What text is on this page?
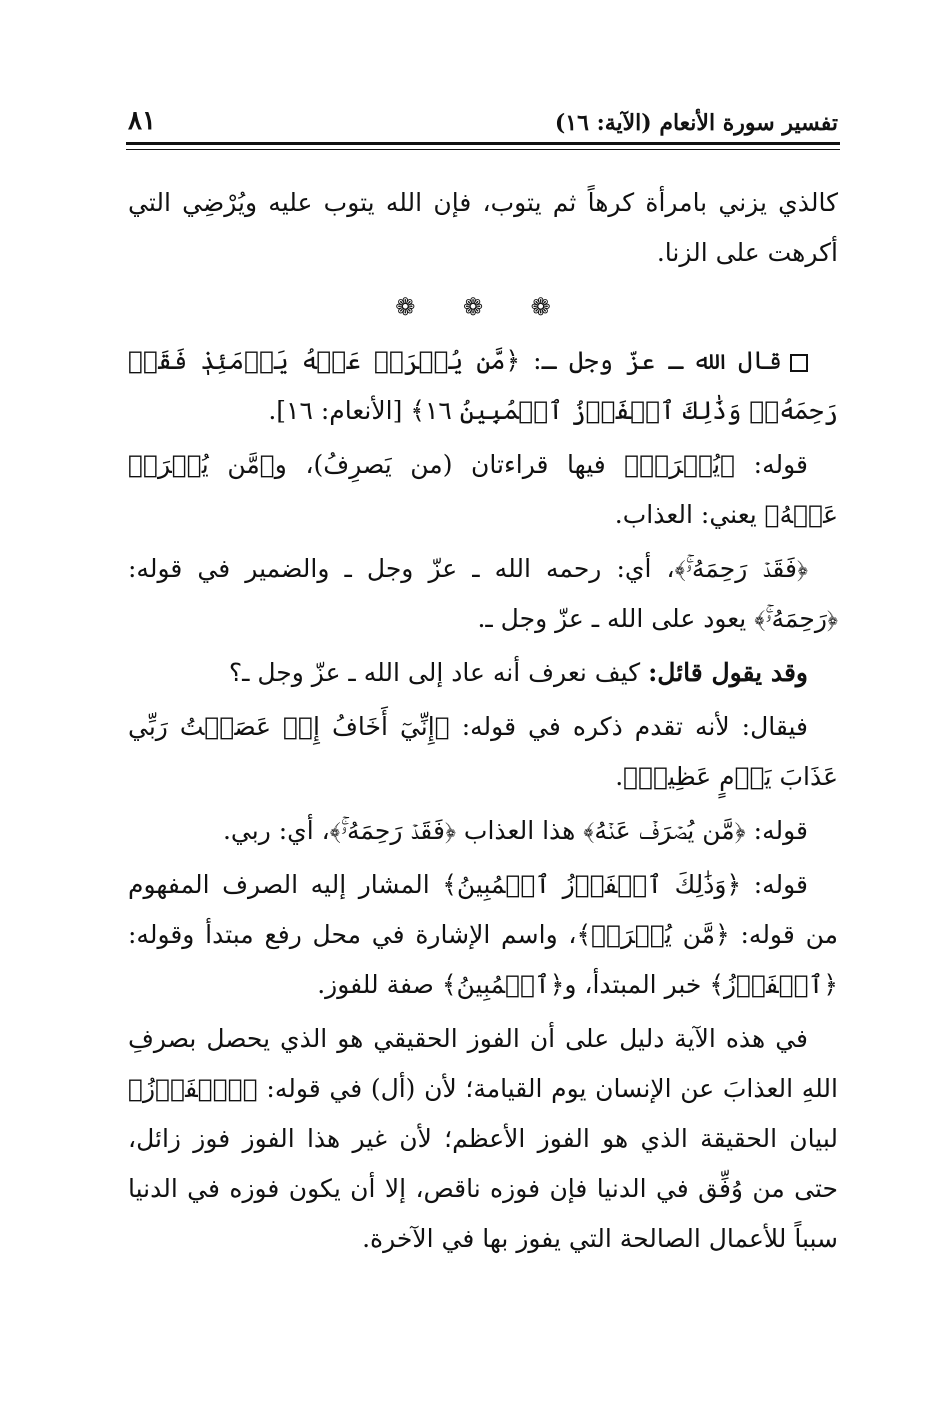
تفسير سورة الأنعام (الآية: ١٦)
٨١

كالذي يزني بامرأة كرهاً ثم يتوب، فإن الله يتوب عليه ويُرْضِي التي أكرهت على الزنا.

❁ ❁ ❁

قال الله ـ عزّ وجل ـ: ﴿مَّن يُصۡرَفۡ عَنۡهُ يَوۡمَئِذٖ فَقَدۡ رَحِمَهُۥۚ وَذَٰلِكَ ٱلۡفَوۡزُ ٱلۡمُبِينُ ١٦﴾ [الأنعام: ١٦].

قوله: ﴿يُصۡرَفۡ﴾ فيها قراءتان (من يَصرِفُ)، و﴿مَّن يُصۡرَفۡ عَنۡهُ﴾ يعني: العذاب.

﴿فَقَدۡ رَحِمَهُۥۚ﴾، أي: رحمه الله ـ عزّ وجل ـ والضمير في قوله: ﴿رَحِمَهُۥۚ﴾ يعود على الله ـ عزّ وجل ـ.

وقد يقول قائل: كيف نعرف أنه عاد إلى الله ـ عزّ وجل ـ؟

فيقال: لأنه تقدم ذكره في قوله: ﴿إِنِّيٓ أَخَافُ إِنۡ عَصَيۡتُ رَبِّي عَذَابَ يَوۡمٍ عَظِيمٖ﴾.

قوله: ﴿مَّن يُصۡرَفۡ عَنۡهُ﴾ هذا العذاب ﴿فَقَدۡ رَحِمَهُۥۚ﴾، أي: ربي.

قوله: ﴿وَذَٰلِكَ ٱلۡفَوۡزُ ٱلۡمُبِينُ﴾ المشار إليه الصرف المفهوم من قوله: ﴿مَّن يُصۡرَفۡ﴾، واسم الإشارة في محل رفع مبتدأ وقوله: ﴿ٱلۡفَوۡزُ﴾ خبر المبتدأ، و﴿ٱلۡمُبِينُ﴾ صفة للفوز.

في هذه الآية دليل على أن الفوز الحقيقي هو الذي يحصل بصرفِ اللهِ العذابَ عن الإنسان يوم القيامة؛ لأن (أل) في قوله: ﴿ٱلۡفَوۡزُ﴾ لبيان الحقيقة الذي هو الفوز الأعظم؛ لأن غير هذا الفوز فوز زائل، حتى من وُفِّق في الدنيا فإن فوزه ناقص، إلا أن يكون فوزه في الدنيا سبباً للأعمال الصالحة التي يفوز بها في الآخرة.
